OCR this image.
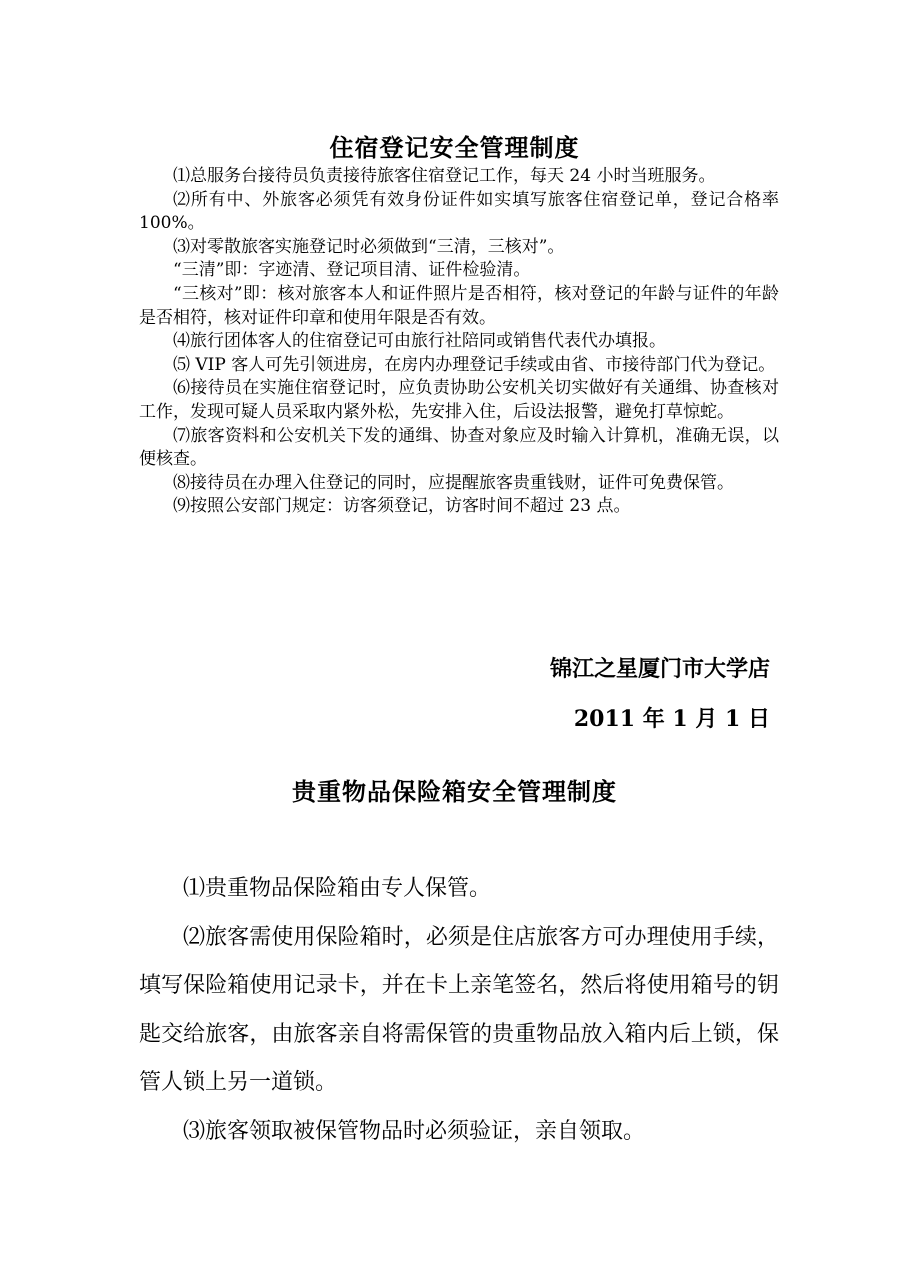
住宿登记安全管理制度

⑴总服务台接待员负责接待旅客住宿登记工作，每天 24 小时当班服务。

⑵所有中、外旅客必须凭有效身份证件如实填写旅客住宿登记单，登记合格率 100%。

⑶对零散旅客实施登记时必须做到“三清，三核对”。

“三清”即：字迹清、登记项目清、证件检验清。

“三核对”即：核对旅客本人和证件照片是否相符，核对登记的年龄与证件的年龄是否相符，核对证件印章和使用年限是否有效。

⑷旅行团体客人的住宿登记可由旅行社陪同或销售代表代办填报。

⑸ VIP 客人可先引领进房，在房内办理登记手续或由省、市接待部门代为登记。

⑹接待员在实施住宿登记时，应负责协助公安机关切实做好有关通缉、协查核对工作，发现可疑人员采取内紧外松，先安排入住，后设法报警，避免打草惊蛇。

⑺旅客资料和公安机关下发的通缉、协查对象应及时输入计算机，准确无误，以便核查。

⑻接待员在办理入住登记的同时，应提醒旅客贵重钱财，证件可免费保管。

⑼按照公安部门规定：访客须登记，访客时间不超过 23 点。

锦江之星厦门市大学店
2011 年 1 月 1 日
贵重物品保险箱安全管理制度

⑴贵重物品保险箱由专人保管。

⑵旅客需使用保险箱时，必须是住店旅客方可办理使用手续，填写保险箱使用记录卡，并在卡上亲笔签名，然后将使用箱号的钥匙交给旅客，由旅客亲自将需保管的贵重物品放入箱内后上锁，保管人锁上另一道锁。

⑶旅客领取被保管物品时必须验证，亲自领取。
